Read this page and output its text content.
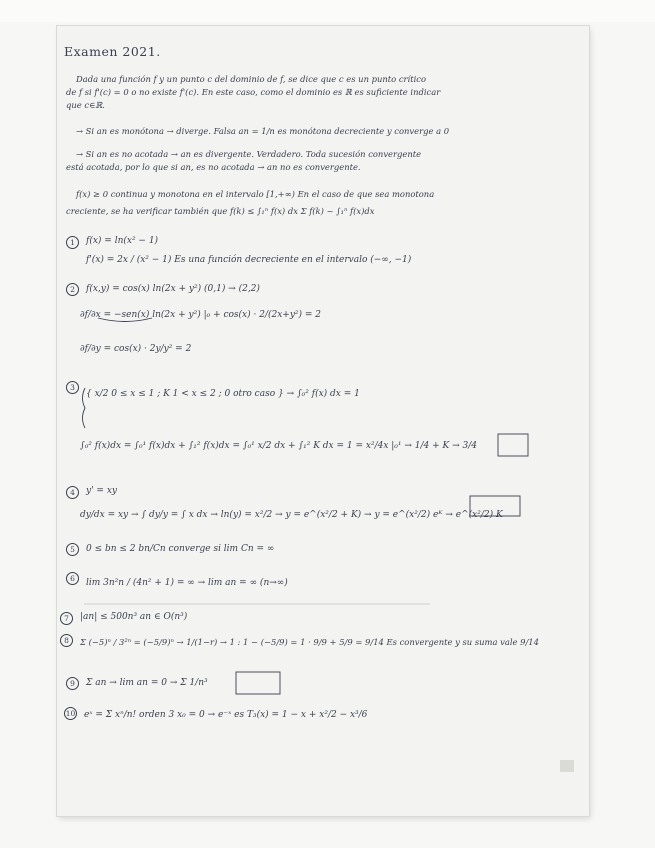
Examen 2021.
Dada una función f y un punto c del dominio de f, se dice que c es un punto crítico
de f si f'(c) = 0 o no existe f'(c). En este caso, como el dominio es ℝ es suficiente indicar
que c∈ℝ.
→ Si an es monótona → diverge. Falsa an = 1/n es monótona decreciente y converge a 0
→ Si an es no acotada → an es divergente. Verdadero. Toda sucesión convergente
está acotada, por lo que si an, es no acotada → an no es convergente.
f(x) ≥ 0 continua y monotona en el intervalo [1,+∞) En el caso de que sea monotona
creciente, se ha verificar también que f(k) ≤ ∫₁ⁿ f(x) dx Σ f(k) ~ ∫₁ⁿ f(x)dx
1	f(x) = ln(x² − 1)
f'(x) = 2x / (x² − 1) Es una función decreciente en el intervalo (−∞, −1)
2	f(x,y) = cos(x) ln(2x + y²) (0,1) → (2,2)
∂f/∂x = −sen(x) ln(2x + y²) |₀ + cos(x) · 2/(2x+y²) = 2
∂f/∂y = cos(x) · 2y/y² = 2
3
{ x/2 0 ≤ x ≤ 1 ; K 1 < x ≤ 2 ; 0 otro caso } → ∫₀² f(x) dx = 1
∫₀² f(x)dx = ∫₀¹ f(x)dx + ∫₁² f(x)dx = ∫₀¹ x/2 dx + ∫₁² K dx = 1 = x²/4x |₀¹ → 1/4 + K → 3/4
4	y' = xy
dy/dx = xy → ∫ dy/y = ∫ x dx → ln(y) = x²/2 → y = e^(x²/2 + K) → y = e^(x²/2) eᴷ → e^(x²/2) K
5	0 ≤ bn ≤ 2 bn/Cn converge si lim Cn = ∞
6	lim 3n²n / (4n² + 1) = ∞ → lim an = ∞ (n→∞)
7	|an| ≤ 500n³ an ∈ O(n³)
8	Σ (−5)ⁿ / 3²ⁿ = (−5/9)ⁿ → 1/(1−r) → 1 : 1 − (−5/9) = 1 · 9/9 + 5/9 = 9/14 Es convergente y su suma vale 9/14
9	Σ an → lim an = 0 → Σ 1/n³
10 eˣ = Σ xⁿ/n! orden 3 x₀ = 0 → e⁻ˣ es T₃(x) = 1 − x + x²/2 − x³/6
